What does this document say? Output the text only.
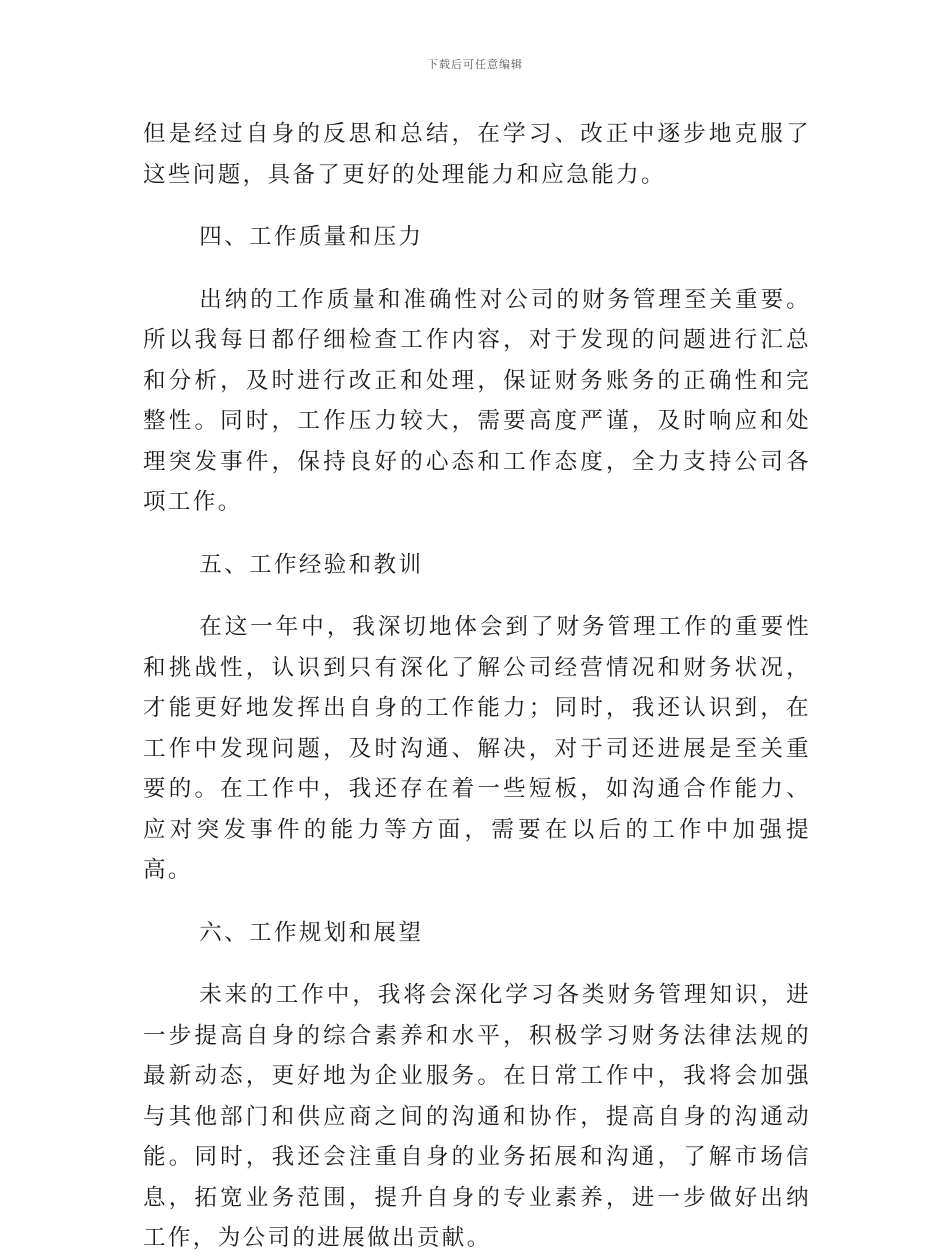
下载后可任意编辑

但是经过自身的反思和总结，在学习、改正中逐步地克服了这些问题，具备了更好的处理能力和应急能力。

四、工作质量和压力

出纳的工作质量和准确性对公司的财务管理至关重要。所以我每日都仔细检查工作内容，对于发现的问题进行汇总和分析，及时进行改正和处理，保证财务账务的正确性和完整性。同时，工作压力较大，需要高度严谨，及时响应和处理突发事件，保持良好的心态和工作态度，全力支持公司各项工作。

五、工作经验和教训

在这一年中，我深切地体会到了财务管理工作的重要性和挑战性，认识到只有深化了解公司经营情况和财务状况，才能更好地发挥出自身的工作能力；同时，我还认识到，在工作中发现问题，及时沟通、解决，对于司还进展是至关重要的。在工作中，我还存在着一些短板，如沟通合作能力、应对突发事件的能力等方面，需要在以后的工作中加强提高。

六、工作规划和展望

未来的工作中，我将会深化学习各类财务管理知识，进一步提高自身的综合素养和水平，积极学习财务法律法规的最新动态，更好地为企业服务。在日常工作中，我将会加强与其他部门和供应商之间的沟通和协作，提高自身的沟通动能。同时，我还会注重自身的业务拓展和沟通，了解市场信息，拓宽业务范围，提升自身的专业素养，进一步做好出纳工作，为公司的进展做出贡献。
